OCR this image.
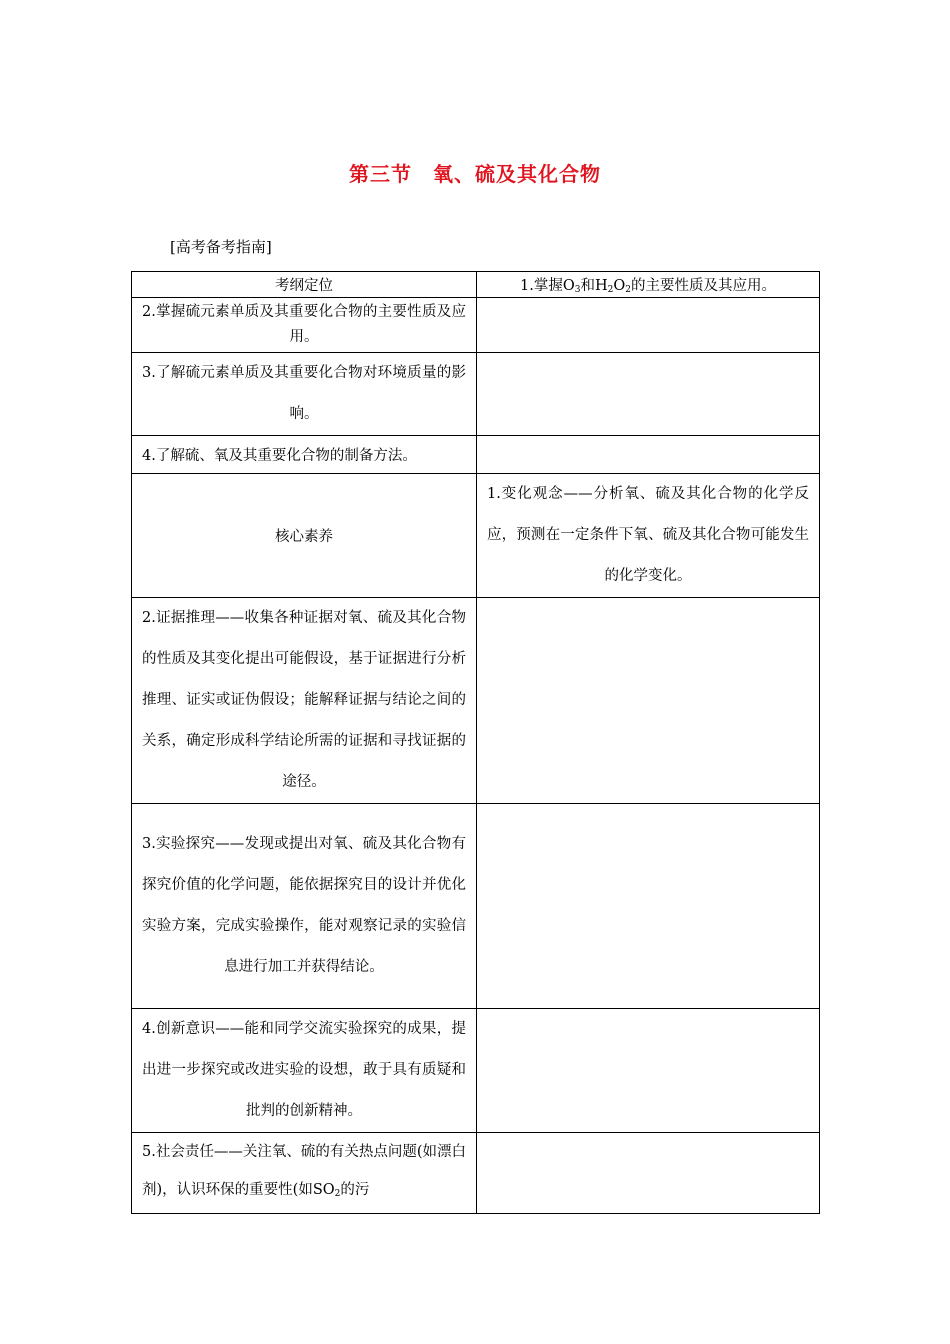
第三节　氧、硫及其化合物
[高考备考指南]
考纲定位	1.掌握$O_3$和$H_2O_2$的主要性质及其应用。
2.掌握硫元素单质及其重要化合物的主要性质及应用。	
3.了解硫元素单质及其重要化合物对环境质量的影响。	
4.了解硫、氧及其重要化合物的制备方法。	
核心素养	1.变化观念——分析氧、硫及其化合物的化学反应，预测在一定条件下氧、硫及其化合物可能发生的化学变化。
2.证据推理——收集各种证据对氧、硫及其化合物的性质及其变化提出可能假设，基于证据进行分析推理、证实或证伪假设；能解释证据与结论之间的关系，确定形成科学结论所需的证据和寻找证据的途径。	
3.实验探究——发现或提出对氧、硫及其化合物有探究价值的化学问题，能依据探究目的设计并优化实验方案，完成实验操作，能对观察记录的实验信息进行加工并获得结论。	
4.创新意识——能和同学交流实验探究的成果，提出进一步探究或改进实验的设想，敢于具有质疑和批判的创新精神。	
5.社会责任——关注氧、硫的有关热点问题(如漂白剂)，认识环保的重要性(如$SO_2$的污	
